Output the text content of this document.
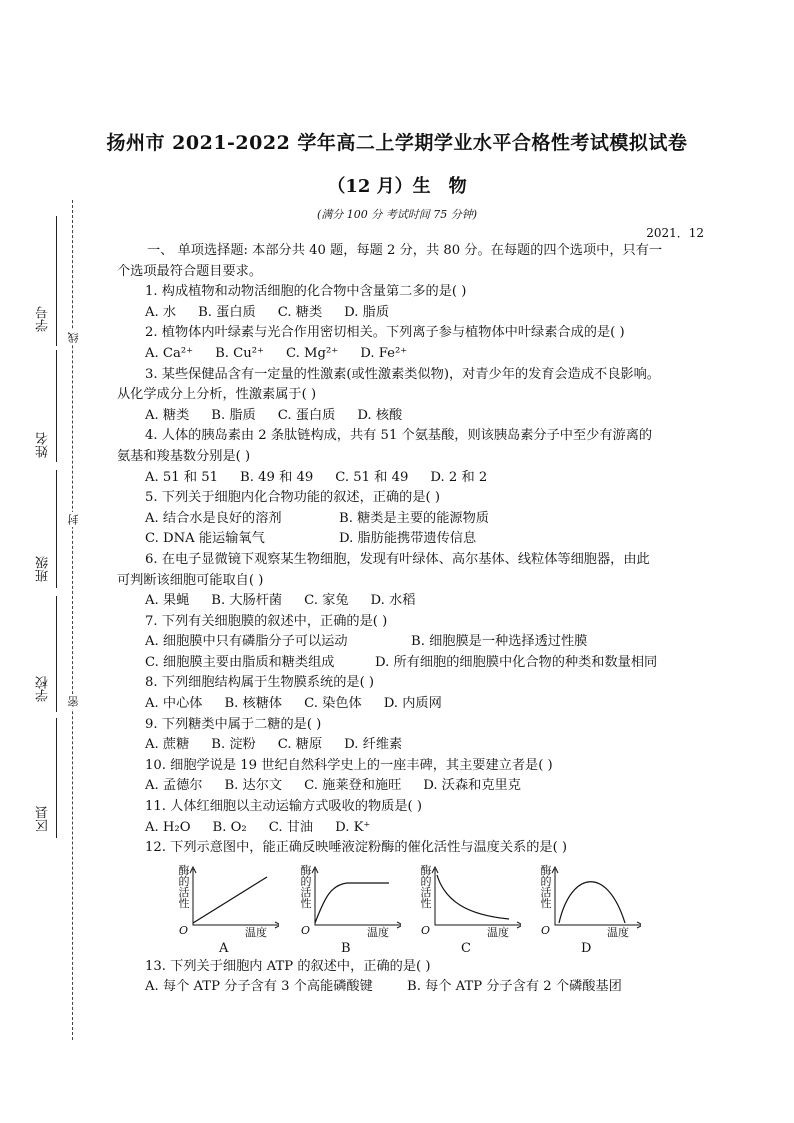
学号
姓名
班级
学校
区县
线
封
密
扬州市 2021-2022 学年高二上学期学业水平合格性考试模拟试卷
（12 月）生 物
(满分 100 分 考试时间 75 分钟)
2021．12
一、 单项选择题: 本部分共 40 题，每题 2 分，共 80 分。在每题的四个选项中，只有一
个选项最符合题目要求。
1. 构成植物和动物活细胞的化合物中含量第二多的是( )
A. 水 B. 蛋白质 C. 糖类 D. 脂质
2. 植物体内叶绿素与光合作用密切相关。下列离子参与植物体中叶绿素合成的是( )
A. Ca²⁺ B. Cu²⁺ C. Mg²⁺ D. Fe²⁺
3. 某些保健品含有一定量的性激素(或性激素类似物)，对青少年的发育会造成不良影响。
从化学成分上分析，性激素属于( )
A. 糖类 B. 脂质 C. 蛋白质 D. 核酸
4. 人体的胰岛素由 2 条肽链构成，共有 51 个氨基酸，则该胰岛素分子中至少有游离的
氨基和羧基数分别是( )
A. 51 和 51 B. 49 和 49 C. 51 和 49 D. 2 和 2
5. 下列关于细胞内化合物功能的叙述，正确的是( )
A. 结合水是良好的溶剂	B. 糖类是主要的能源物质
C. DNA 能运输氧气	D. 脂肪能携带遗传信息
6. 在电子显微镜下观察某生物细胞，发现有叶绿体、高尔基体、线粒体等细胞器，由此
可判断该细胞可能取自( )
A. 果蝇 B. 大肠杆菌 C. 家兔 D. 水稻
7. 下列有关细胞膜的叙述中，正确的是( )
A. 细胞膜中只有磷脂分子可以运动	B. 细胞膜是一种选择透过性膜
C. 细胞膜主要由脂质和糖类组成	D. 所有细胞的细胞膜中化合物的种类和数量相同
8. 下列细胞结构属于生物膜系统的是( )
A. 中心体 B. 核糖体 C. 染色体 D. 内质网
9. 下列糖类中属于二糖的是( )
A. 蔗糖 B. 淀粉 C. 糖原 D. 纤维素
10. 细胞学说是 19 世纪自然科学史上的一座丰碑，其主要建立者是( )
A. 孟德尔 B. 达尔文 C. 施莱登和施旺 D. 沃森和克里克
11. 人体红细胞以主动运输方式吸收的物质是( )
A. H₂O B. O₂ C. 甘油 D. K⁺
12. 下列示意图中，能正确反映唾液淀粉酶的催化活性与温度关系的是( )
酶的活性
O	温度
A
酶的活性
O	温度
B
酶的活性
O	温度
C
酶的活性
O	温度
D
13. 下列关于细胞内 ATP 的叙述中，正确的是( )
A. 每个 ATP 分子含有 3 个高能磷酸键	B. 每个 ATP 分子含有 2 个磷酸基团
